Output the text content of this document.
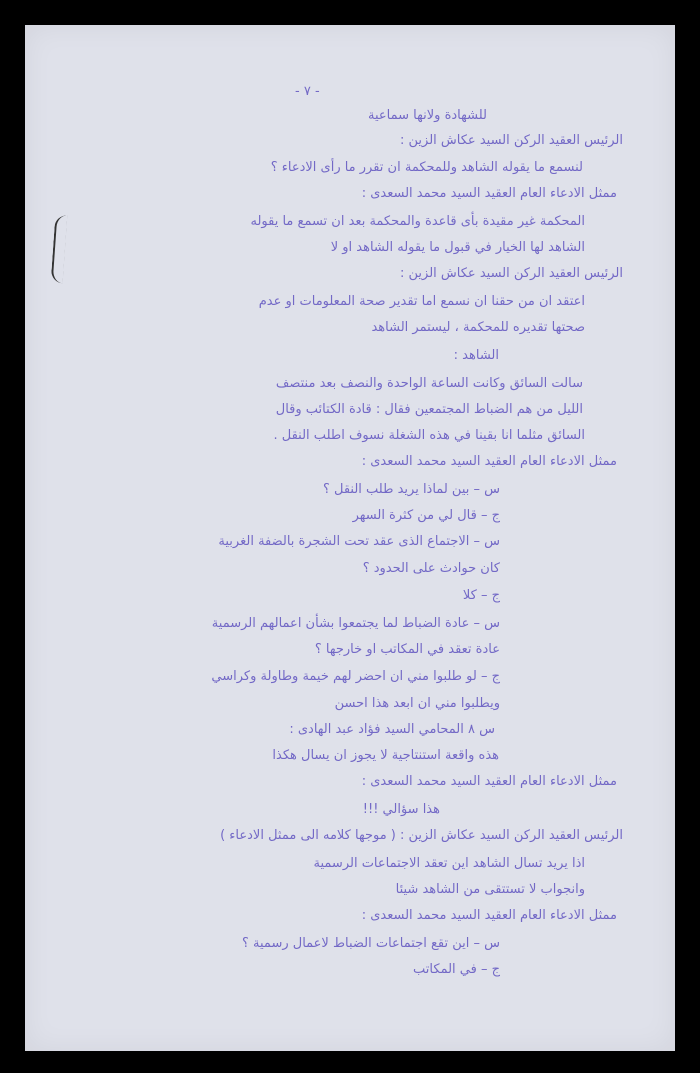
- ٧ -
للشهادة ولانها سماعية
الرئيس العقيد الركن السيد عكاش الزين :
لنسمع ما يقوله الشاهد وللمحكمة ان تقرر ما رأى الادعاء ؟
ممثل الادعاء العام العقيد السيد محمد السعدى :
المحكمة غير مقيدة بأى قاعدة والمحكمة بعد ان تسمع ما يقوله
الشاهد لها الخيار في قبول ما يقوله الشاهد او لا
الرئيس العقيد الركن السيد عكاش الزين :
اعتقد ان من حقنا ان نسمع اما تقدير صحة المعلومات او عدم
صحتها تقديره للمحكمة ، ليستمر الشاهد
الشاهد :
سالت السائق وكانت الساعة الواحدة والنصف بعد منتصف
الليل من هم الضباط المجتمعين فقال : قادة الكتائب وقال
السائق مثلما انا بقينا في هذه الشغلة نسوف اطلب النقل .
ممثل الادعاء العام العقيد السيد محمد السعدى :
س – بين لماذا يريد طلب النقل ؟
ج – قال لي من كثرة السهر
س – الاجتماع الذى عقد تحت الشجرة بالضفة الغربية
كان حوادث على الحدود ؟
ج – كلا
س – عادة الضباط لما يجتمعوا بشأن اعمالهم الرسمية
عادة تعقد في المكاتب او خارجها ؟
ج – لو طلبوا مني ان احضر لهم خيمة وطاولة وكراسي
ويطلبوا مني ان ابعد هذا احسن
س ٨ المحامي السيد فؤاد عبد الهادى :
هذه واقعة استنتاجية لا يجوز ان يسال هكذا
ممثل الادعاء العام العقيد السيد محمد السعدى :
هذا سؤالي !!!
الرئيس العقيد الركن السيد عكاش الزين : ( موجها كلامه الى ممثل الادعاء )
اذا يريد تسال الشاهد اين تعقد الاجتماعات الرسمية
وانجواب لا تستتقى من الشاهد شيئا
ممثل الادعاء العام العقيد السيد محمد السعدى :
س – اين تقع اجتماعات الضباط لاعمال رسمية ؟
ج – في المكاتب
